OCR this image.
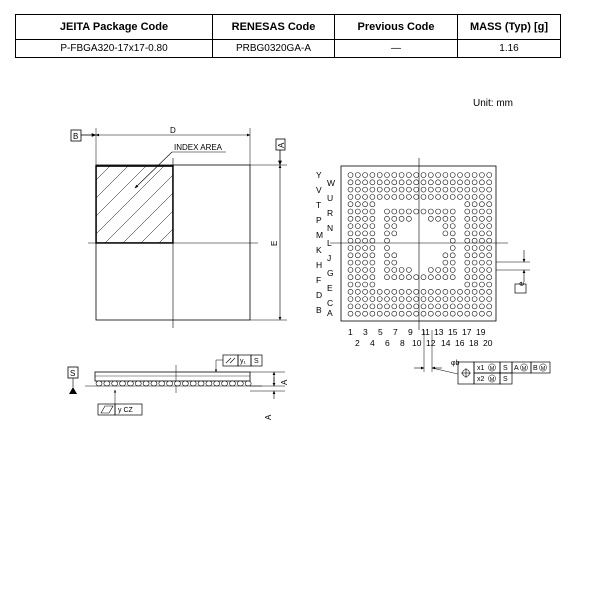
JEITA Package Code	RENESAS Code	Previous Code	MASS (Typ) [g]
P-FBGA320-17x17-0.80	PRBG0320GA-A	—	1.16
Unit: mm
B
D
INDEX AREA	A
E
Y
V
T
P
M
K
H
F
D
B
W
U
R
N
L
J
G
E
C
A
1 3 5 7 9 11 13 15 17 19
2 4 6 8 10 12 14 16 18 20
e
φb
x1 M S A M B M
x2 M S
S
y₁ S
y CZ
A
A
